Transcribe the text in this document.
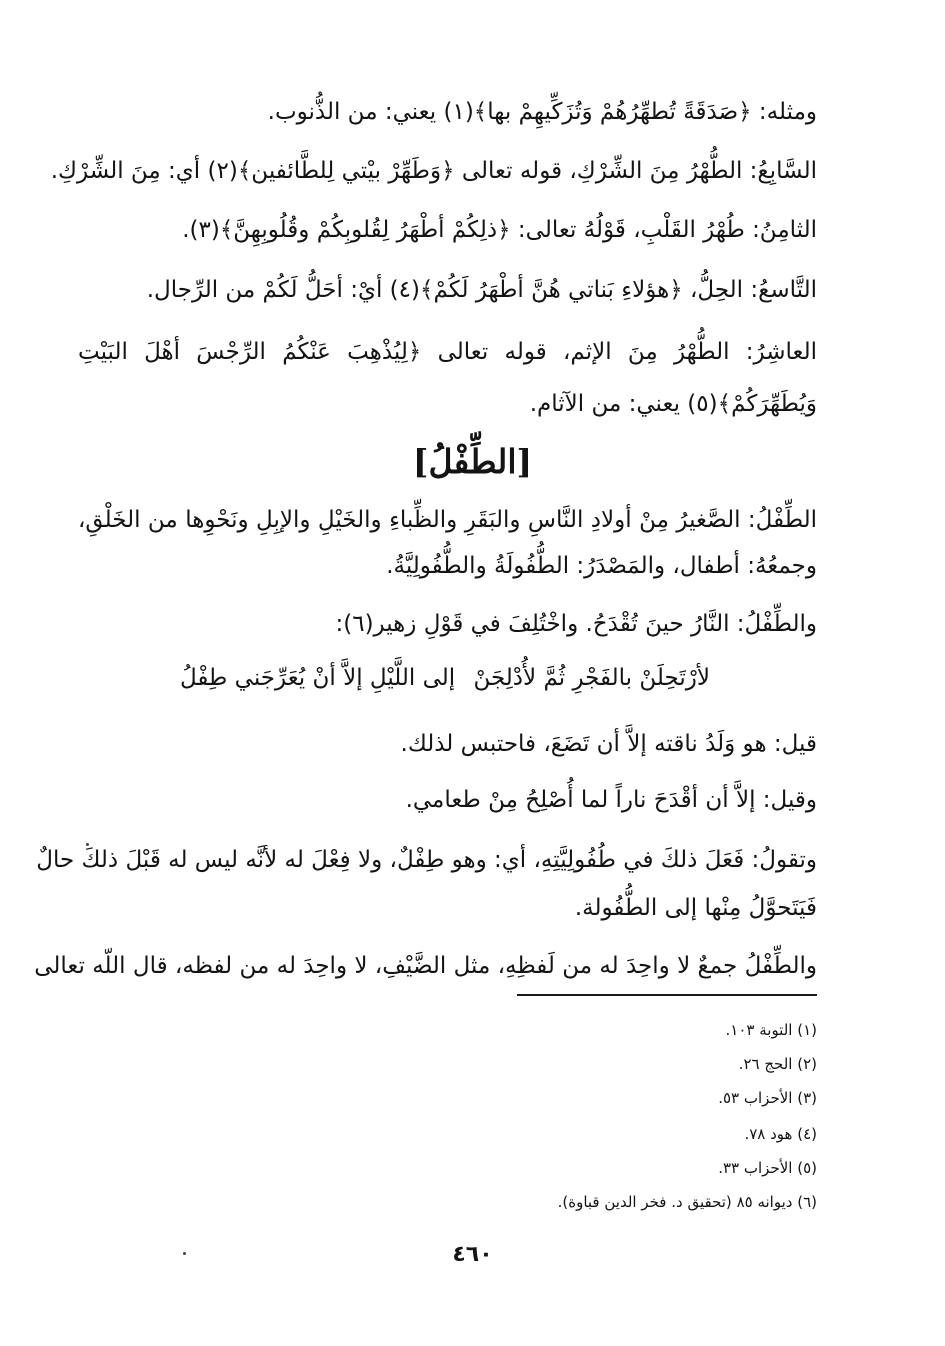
ومثله: ﴿صَدَقَةً تُطهِّرُهُمْ وَتُزَكِّيهِمْ بها﴾(١) يعني: من الذُّنوب.
السَّابِعُ: الطُّهْرُ مِنَ الشِّرْكِ، قوله تعالى ﴿وَطَهِّرْ بيْتي لِلطَّائفين﴾(٢) أي: مِنَ الشِّرْكِ.
الثامِنُ: طُهْرُ القَلْبِ، قَوْلُهُ تعالى: ﴿ذلِكُمْ أطْهَرُ لِقُلوبِكُمْ وقُلُوبِهِنَّ﴾(٣).
التَّاسعُ: الحِلُّ، ﴿هؤلاءِ بَناتي هُنَّ أطْهَرُ لَكُمْ﴾(٤) أيْ: أحَلُّ لَكُمْ من الرِّجال.
العاشِرُ: الطُّهْرُ مِنَ الإثم، قوله تعالى ﴿لِيُذْهِبَ عَنْكُمُ الرِّجْسَ أهْلَ البَيْتِ
وَيُطَهِّرَكُمْ﴾(٥) يعني: من الآثام.
[الطِّفْلُ]
الطِّفْلُ: الصَّغيرُ مِنْ أولادِ النَّاسِ والبَقَرِ والظِّباءِ والخَيْلِ والإبِلِ ونَحْوِها من الخَلْقِ،
وجمعُهُ: أطفال، والمَصْدَرُ: الطُّفُولَةُ والطُّفُولِيَّةُ.
والطِّفْلُ: النَّارُ حينَ تُقْدَحُ. واخْتُلِفَ في قَوْلِ زهير(٦):
لأرْتَحِلَنْ بالفَجْرِ ثُمَّ لأُدْلِجَنْ
إلى اللَّيْلِ إلاَّ أنْ يُعَرِّجَني طِفْلُ
قيل: هو وَلَدُ ناقته إلاَّ أن تَضَعَ، فاحتبس لذلك.
وقيل: إلاَّ أن أقْدَحَ ناراً لما أُصْلِحُ مِنْ طعامي.
وتقولُ: فَعَلَ ذلكَ في طُفُولِيَّتِهِ، أي: وهو طِفْلٌ، ولا فِعْلَ له لأنَّه ليس له قَبْلَ ذلكَ حالٌ
فَيَتَحوَّلُ مِنْها إلى الطُّفُولة.
والطِّفْلُ جمعٌ لا واحِدَ له من لَفظِهِ، مثل الضَّيْفِ، لا واحِدَ له من لفظه، قال اللّه تعالى
(١) التوبة ١٠٣.
(٢) الحج ٢٦.
(٣) الأحزاب ٥٣.
(٤) هود ٧٨.
(٥) الأحزاب ٣٣.
(٦) ديوانه ٨٥ (تحقيق د. فخر الدين قباوة).
٤٦٠
